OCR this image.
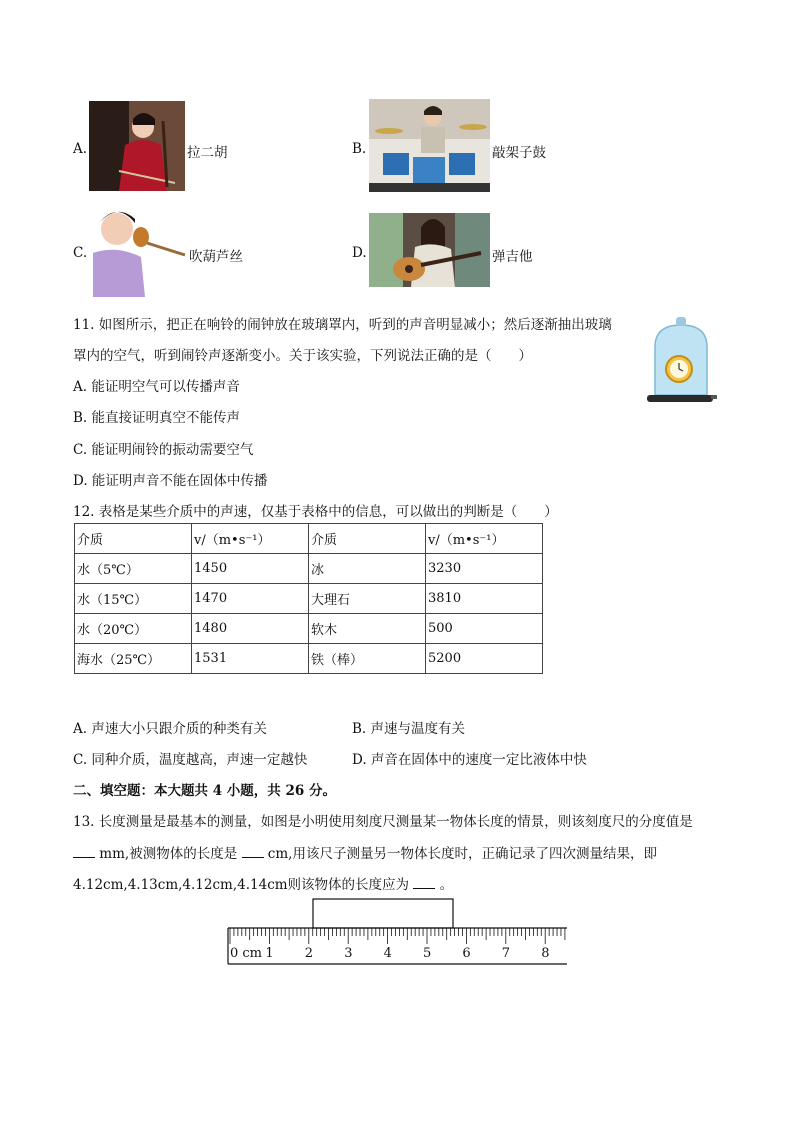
A.	拉二胡	B.	敲架子鼓
C.	吹葫芦丝	D.	弹吉他
11. 如图所示，把正在响铃的闹钟放在玻璃罩内，听到的声音明显减小；然后逐渐抽出玻璃
罩内的空气，听到闹铃声逐渐变小。关于该实验，下列说法正确的是（　　）
A. 能证明空气可以传播声音
B. 能直接证明真空不能传声
C. 能证明闹铃的振动需要空气
D. 能证明声音不能在固体中传播
12. 表格是某些介质中的声速，仅基于表格中的信息，可以做出的判断是（　　）
介质	v/（m•s⁻¹）	介质	v/（m•s⁻¹）
水（5℃）	1450	冰	3230
水（15℃）	1470	大理石	3810
水（20℃）	1480	软木	500
海水（25℃）	1531	铁（棒）	5200
A. 声速大小只跟介质的种类有关	B. 声速与温度有关
C. 同种介质，温度越高，声速一定越快	D. 声音在固体中的速度一定比液体中快
二、填空题：本大题共 4 小题，共 26 分。
13. 长度测量是最基本的测量，如图是小明使用刻度尺测量某一物体长度的情景，则该刻度尺的分度值是
mm,被测物体的长度是 cm,用该尺子测量另一物体长度时，正确记录了四次测量结果，即
4.12cm,4.13cm,4.12cm,4.14cm则该物体的长度应为 。
0 cm 1 2 3 4 5 6 7 8
